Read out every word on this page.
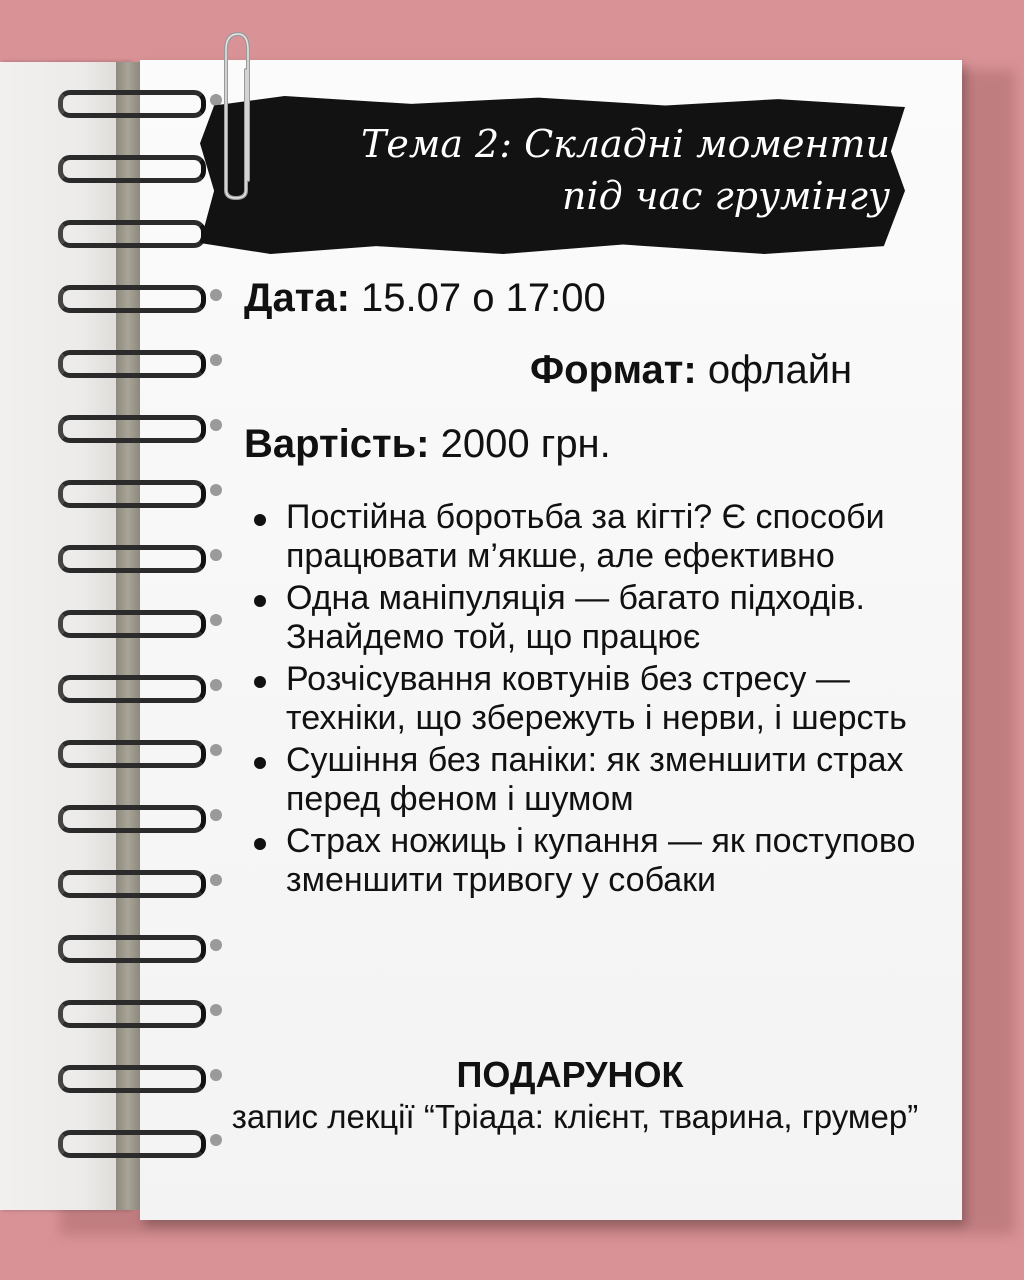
Тема 2: Складні моменти
під час грумінгу
Дата: 15.07 о 17:00
Формат: офлайн
Вартість: 2000 грн.
Постійна боротьба за кігті? Є способи працювати м’якше, але ефективно
Одна маніпуляція — багато підходів. Знайдемо той, що працює
Розчісування ковтунів без стресу — техніки, що збережуть і нерви, і шерсть
Сушіння без паніки: як зменшити страх перед феном і шумом
Страх ножиць і купання — як поступово зменшити тривогу у собаки
ПОДАРУНОК
запис лекції “Тріада: клієнт, тварина, грумер”
